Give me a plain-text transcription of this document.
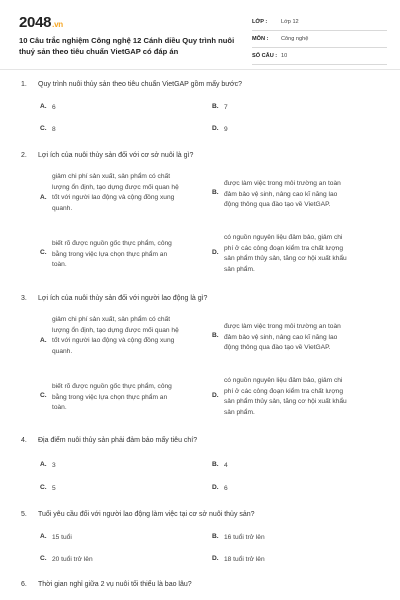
2048.vn
10 Câu trắc nghiệm Công nghệ 12 Cánh diều Quy trình nuôi thuỷ sản theo tiêu chuẩn VietGAP có đáp án
LỚP :	Lớp 12
MÔN :	Công nghệ
SỐ CÂU : 10
1. Quy trình nuôi thủy sản theo tiêu chuẩn VietGAP gồm mấy bước?
A. 6	B. 7
C. 8	D. 9
2. Lợi ích của nuôi thủy sản đối với cơ sở nuôi là gì?
A.
giảm chi phí sản xuất, sản phẩm có chất
lượng ổn định, tạo dựng được mối quan hệ
tốt với người lao động và cộng đồng xung
quanh.
B.
được làm việc trong môi trường an toàn
đảm bảo vệ sinh, nâng cao kĩ năng lao
động thông qua đào tạo về VietGAP.
C.
biết rõ được nguồn gốc thực phẩm, công
bằng trong việc lựa chọn thực phẩm an
toàn.
D.
có nguồn nguyên liệu đảm bảo, giảm chi
phí ở các công đoạn kiểm tra chất lượng
sản phẩm thủy sản, tăng cơ hội xuất khẩu
sản phẩm.
3. Lợi ích của nuôi thủy sản đối với người lao động là gì?
A.
giảm chi phí sản xuất, sản phẩm có chất
lượng ổn định, tạo dựng được mối quan hệ
tốt với người lao động và cộng đồng xung
quanh.
B.
được làm việc trong môi trường an toàn
đảm bảo vệ sinh, nâng cao kĩ năng lao
động thông qua đào tạo về VietGAP.
C.
biết rõ được nguồn gốc thực phẩm, công
bằng trong việc lựa chọn thực phẩm an
toàn.
D.
có nguồn nguyên liệu đảm bảo, giảm chi
phí ở các công đoạn kiểm tra chất lượng
sản phẩm thủy sản, tăng cơ hội xuất khẩu
sản phẩm.
4. Địa điểm nuôi thủy sản phải đảm bảo mấy tiêu chí?
A. 3	B. 4
C. 5	D. 6
5. Tuổi yêu cầu đối với người lao động làm việc tại cơ sở nuôi thủy sản?
A. 15 tuổi	B. 16 tuổi trở lên
C. 20 tuổi trở lên	D. 18 tuổi trở lên
6. Thời gian nghỉ giữa 2 vụ nuôi tối thiểu là bao lâu?
